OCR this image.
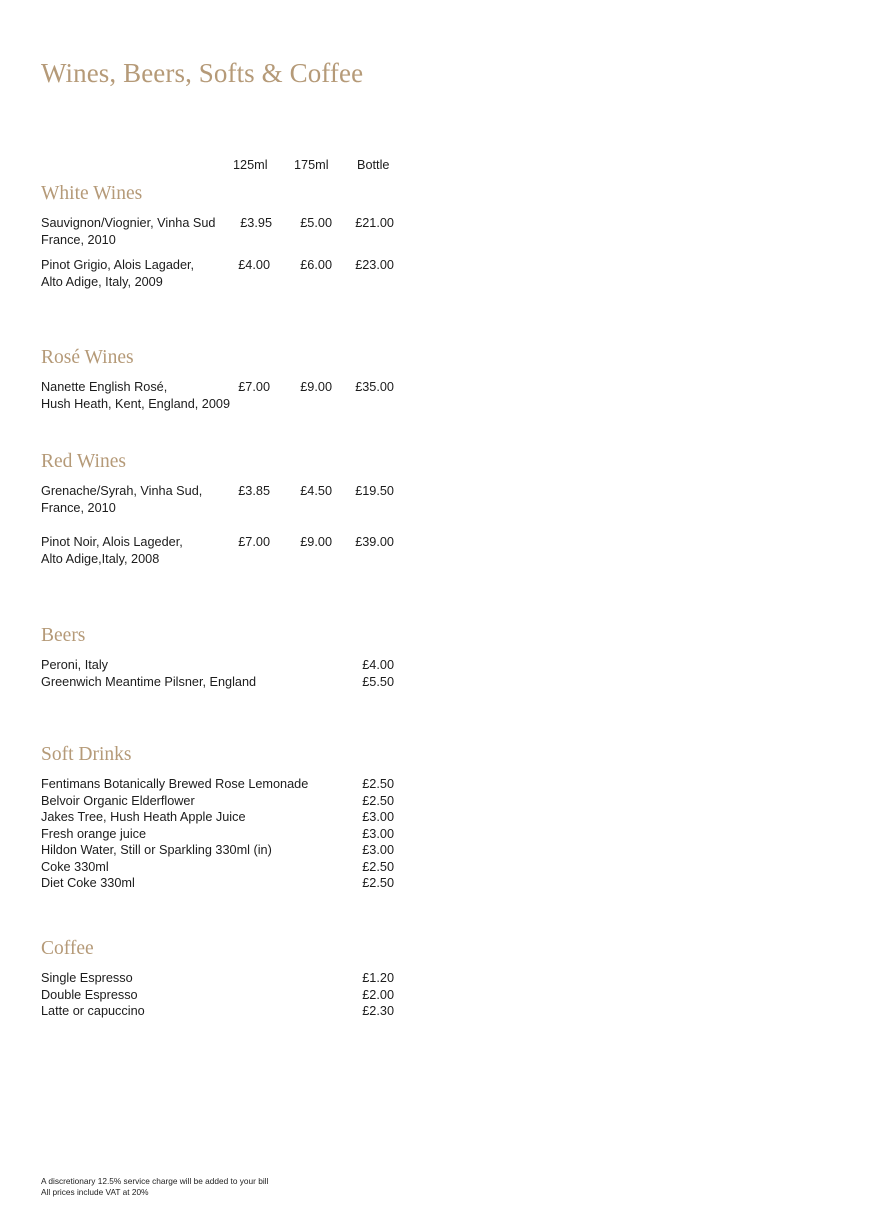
Wines, Beers, Softs & Coffee
125ml 175ml Bottle
White Wines
Sauvignon/Viognier, Vinha Sud
France, 2010
£3.95 £5.00 £21.00
Pinot Grigio, Alois Lagader,
Alto Adige, Italy, 2009
£4.00 £6.00 £23.00
Rosé Wines
Nanette English Rosé,
Hush Heath, Kent, England, 2009
£7.00 £9.00 £35.00
Red Wines
Grenache/Syrah, Vinha Sud,
France, 2010
£3.85 £4.50 £19.50
Pinot Noir, Alois Lageder,
Alto Adige,Italy, 2008
£7.00 £9.00 £39.00
Beers
Peroni, Italy	£4.00
Greenwich Meantime Pilsner, England	£5.50
Soft Drinks
Fentimans Botanically Brewed Rose Lemonade	£2.50
Belvoir Organic Elderflower	£2.50
Jakes Tree, Hush Heath Apple Juice	£3.00
Fresh orange juice	£3.00
Hildon Water, Still or Sparkling 330ml (in)	£3.00
Coke 330ml	£2.50
Diet Coke 330ml	£2.50
Coffee
Single Espresso	£1.20
Double Espresso	£2.00
Latte or capuccino	£2.30
A discretionary 12.5% service charge will be added to your bill
All prices include VAT at 20%
